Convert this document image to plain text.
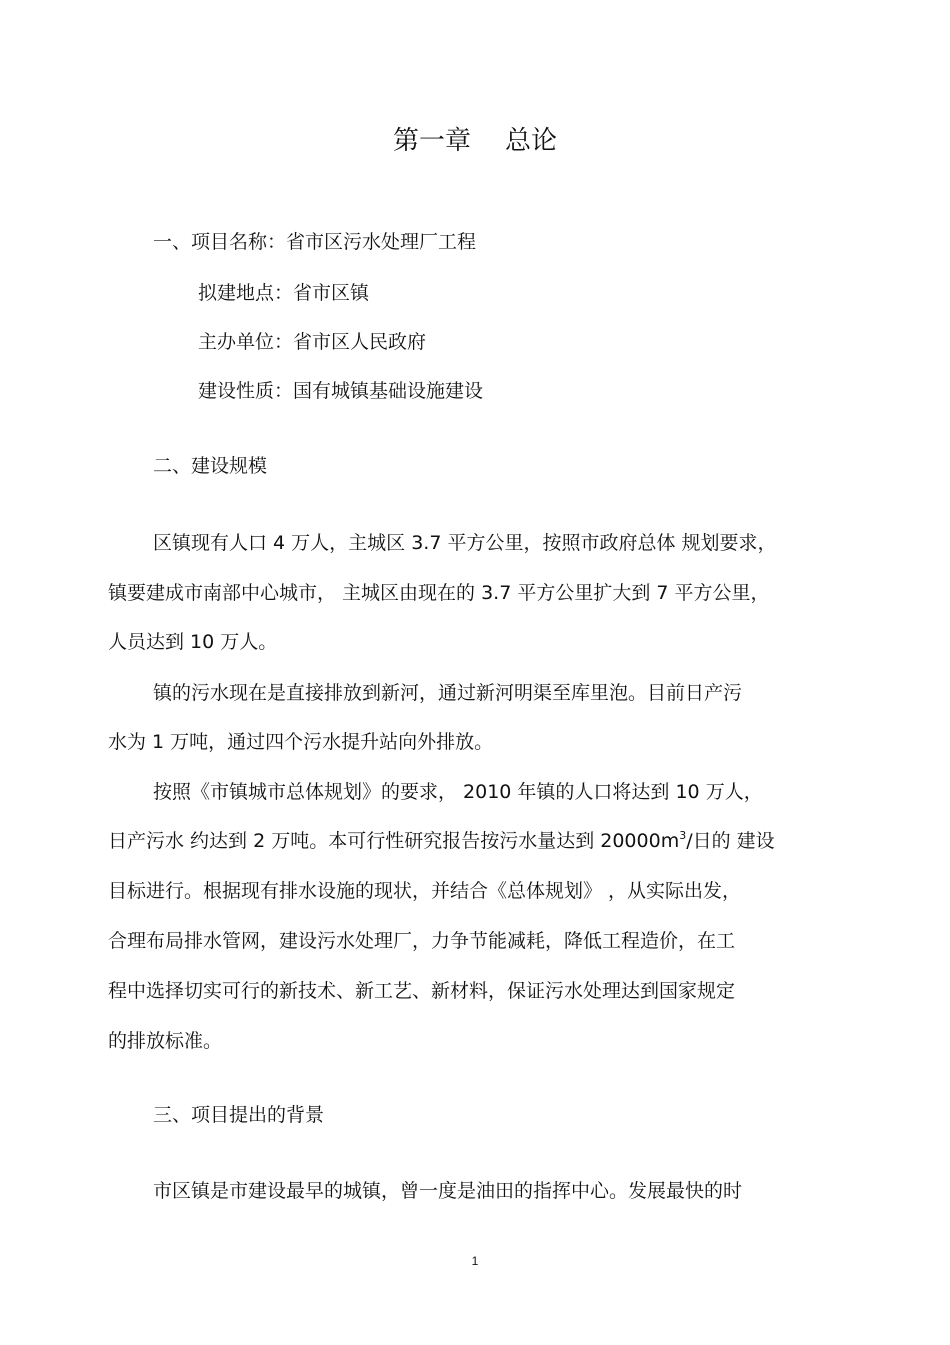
第一章 总论
一、项目名称：省市区污水处理厂工程
拟建地点：省市区镇
主办单位：省市区人民政府
建设性质：国有城镇基础设施建设
二、建设规模
区镇现有人口 4 万人，主城区 3.7 平方公里，按照市政府总体 规划要求，
镇要建成市南部中心城市， 主城区由现在的 3.7 平方公里扩大到 7 平方公里，
人员达到 10 万人。
镇的污水现在是直接排放到新河，通过新河明渠至库里泡。目前日产污
水为 1 万吨，通过四个污水提升站向外排放。
按照《市镇城市总体规划》的要求， 2010 年镇的人口将达到 10 万人，
日产污水 约达到 2 万吨。本可行性研究报告按污水量达到 $20000m^3/$日的 建设
目标进行。根据现有排水设施的现状，并结合《总体规划》 ，从实际出发，
合理布局排水管网，建设污水处理厂，力争节能减耗，降低工程造价，在工
程中选择切实可行的新技术、新工艺、新材料，保证污水处理达到国家规定
的排放标准。
三、项目提出的背景
市区镇是市建设最早的城镇，曾一度是油田的指挥中心。发展最快的时
1
